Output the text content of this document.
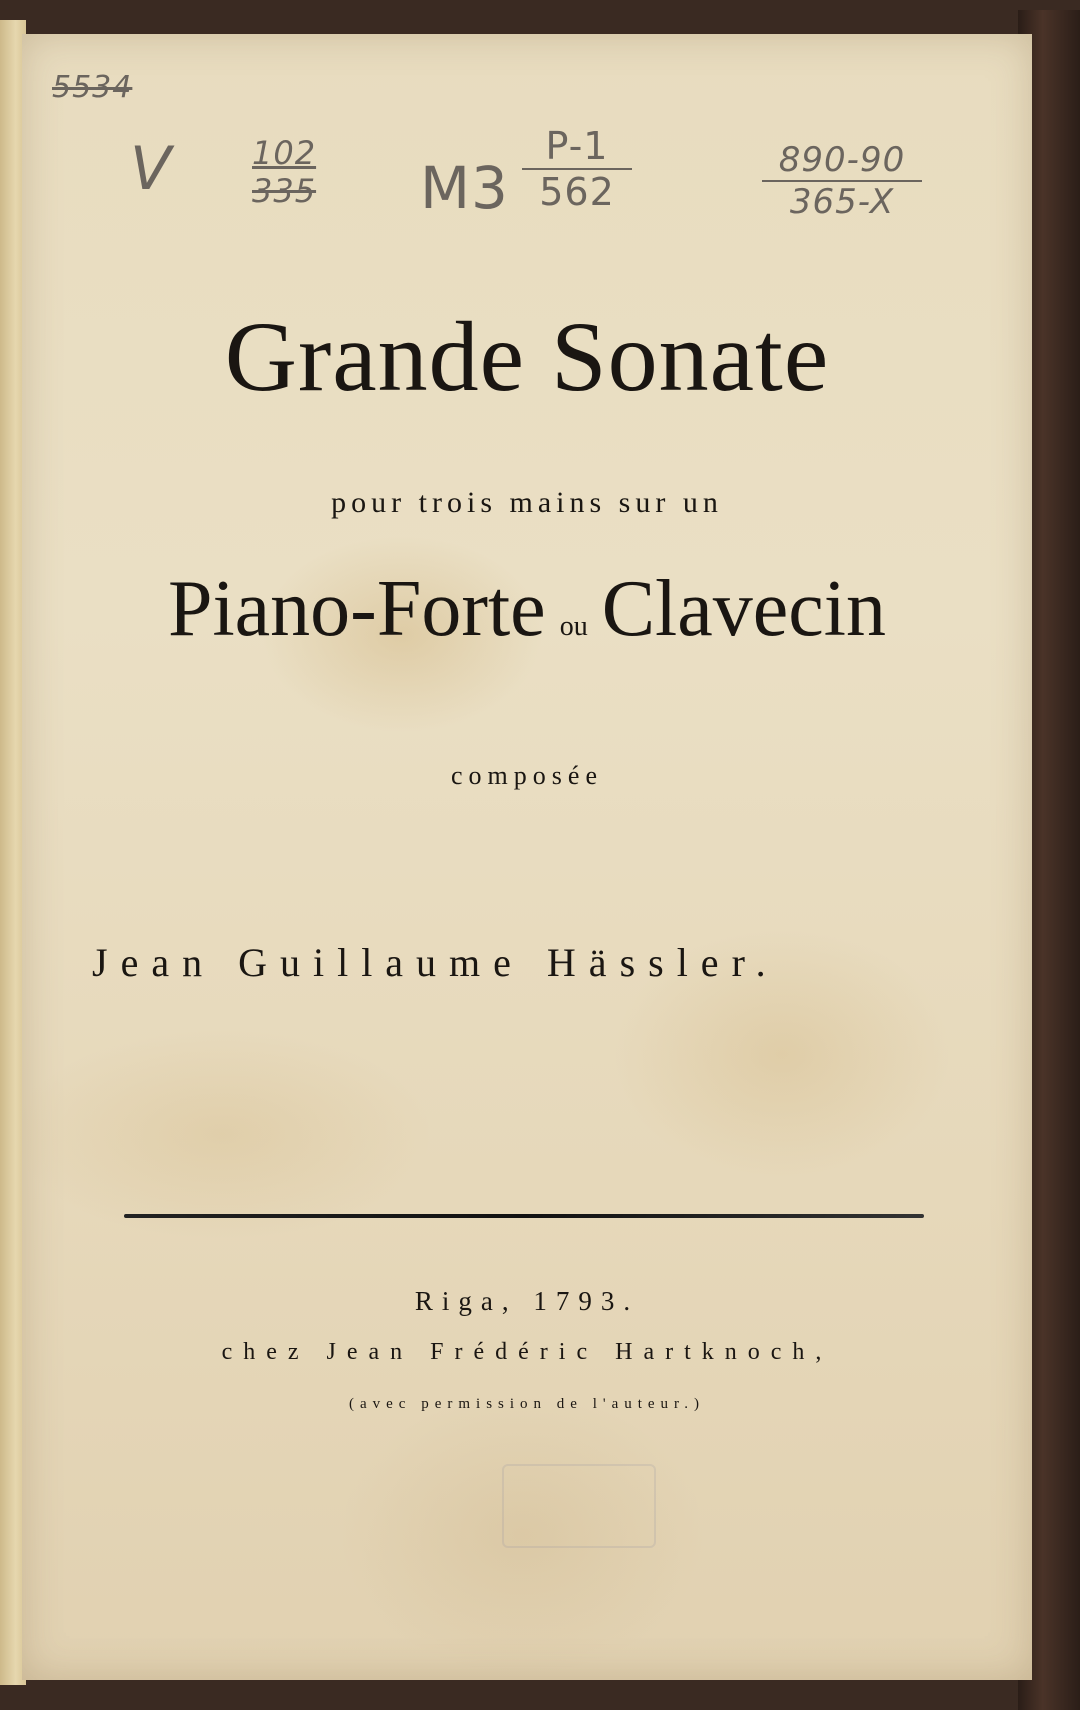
5534
V 102
335	M3
P-1
562
890-90
365-X
Grande Sonate
pour trois mains sur un
Piano-Forte ou Clavecin
composée
Jean Guillaume Hässler.
Riga, 1793.
chez Jean Frédéric Hartknoch,
(avec permission de l'auteur.)
